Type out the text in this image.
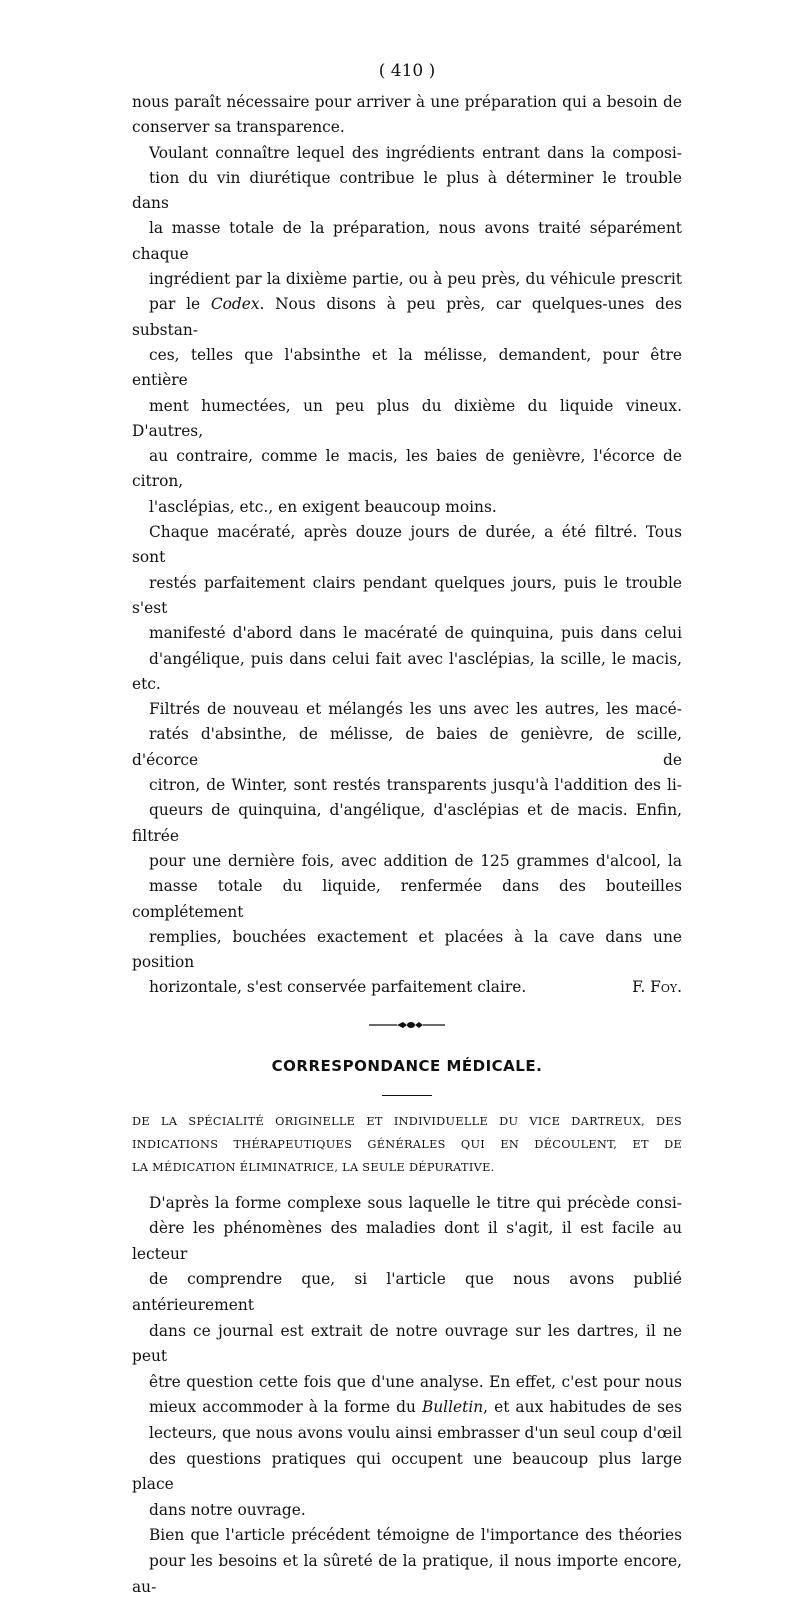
( 410 )

nous paraît nécessaire pour arriver à une préparation qui a besoin de
conserver sa transparence.

Voulant connaître lequel des ingrédients entrant dans la composi-
tion du vin diurétique contribue le plus à déterminer le trouble dans
la masse totale de la préparation, nous avons traité séparément chaque
ingrédient par la dixième partie, ou à peu près, du véhicule prescrit
par le Codex. Nous disons à peu près, car quelques-unes des substan-
ces, telles que l'absinthe et la mélisse, demandent, pour être entière
ment humectées, un peu plus du dixième du liquide vineux. D'autres,
au contraire, comme le macis, les baies de genièvre, l'écorce de citron,
l'asclépias, etc., en exigent beaucoup moins.

Chaque macératé, après douze jours de durée, a été filtré. Tous sont
restés parfaitement clairs pendant quelques jours, puis le trouble s'est
manifesté d'abord dans le macératé de quinquina, puis dans celui
d'angélique, puis dans celui fait avec l'asclépias, la scille, le macis, etc.

Filtrés de nouveau et mélangés les uns avec les autres, les macé-
ratés d'absinthe, de mélisse, de baies de genièvre, de scille, d'écorce de
citron, de Winter, sont restés transparents jusqu'à l'addition des li-
queurs de quinquina, d'angélique, d'asclépias et de macis. Enfin, filtrée
pour une dernière fois, avec addition de 125 grammes d'alcool, la
masse totale du liquide, renfermée dans des bouteilles complétement
remplies, bouchées exactement et placées à la cave dans une position
horizontale, s'est conservée parfaitement claire.	F. Foy.

CORRESPONDANCE MÉDICALE.
DE LA SPÉCIALITÉ ORIGINELLE ET INDIVIDUELLE DU VICE DARTREUX, DES
INDICATIONS THÉRAPEUTIQUES GÉNÉRALES QUI EN DÉCOULENT, ET DE
LA MÉDICATION ÉLIMINATRICE, LA SEULE DÉPURATIVE.

D'après la forme complexe sous laquelle le titre qui précède consi-
dère les phénomènes des maladies dont il s'agit, il est facile au lecteur
de comprendre que, si l'article que nous avons publié antérieurement
dans ce journal est extrait de notre ouvrage sur les dartres, il ne peut
être question cette fois que d'une analyse. En effet, c'est pour nous
mieux accommoder à la forme du Bulletin, et aux habitudes de ses
lecteurs, que nous avons voulu ainsi embrasser d'un seul coup d'œil
des questions pratiques qui occupent une beaucoup plus large place
dans notre ouvrage.

Bien que l'article précédent témoigne de l'importance des théories
pour les besoins et la sûreté de la pratique, il nous importe encore, au-
